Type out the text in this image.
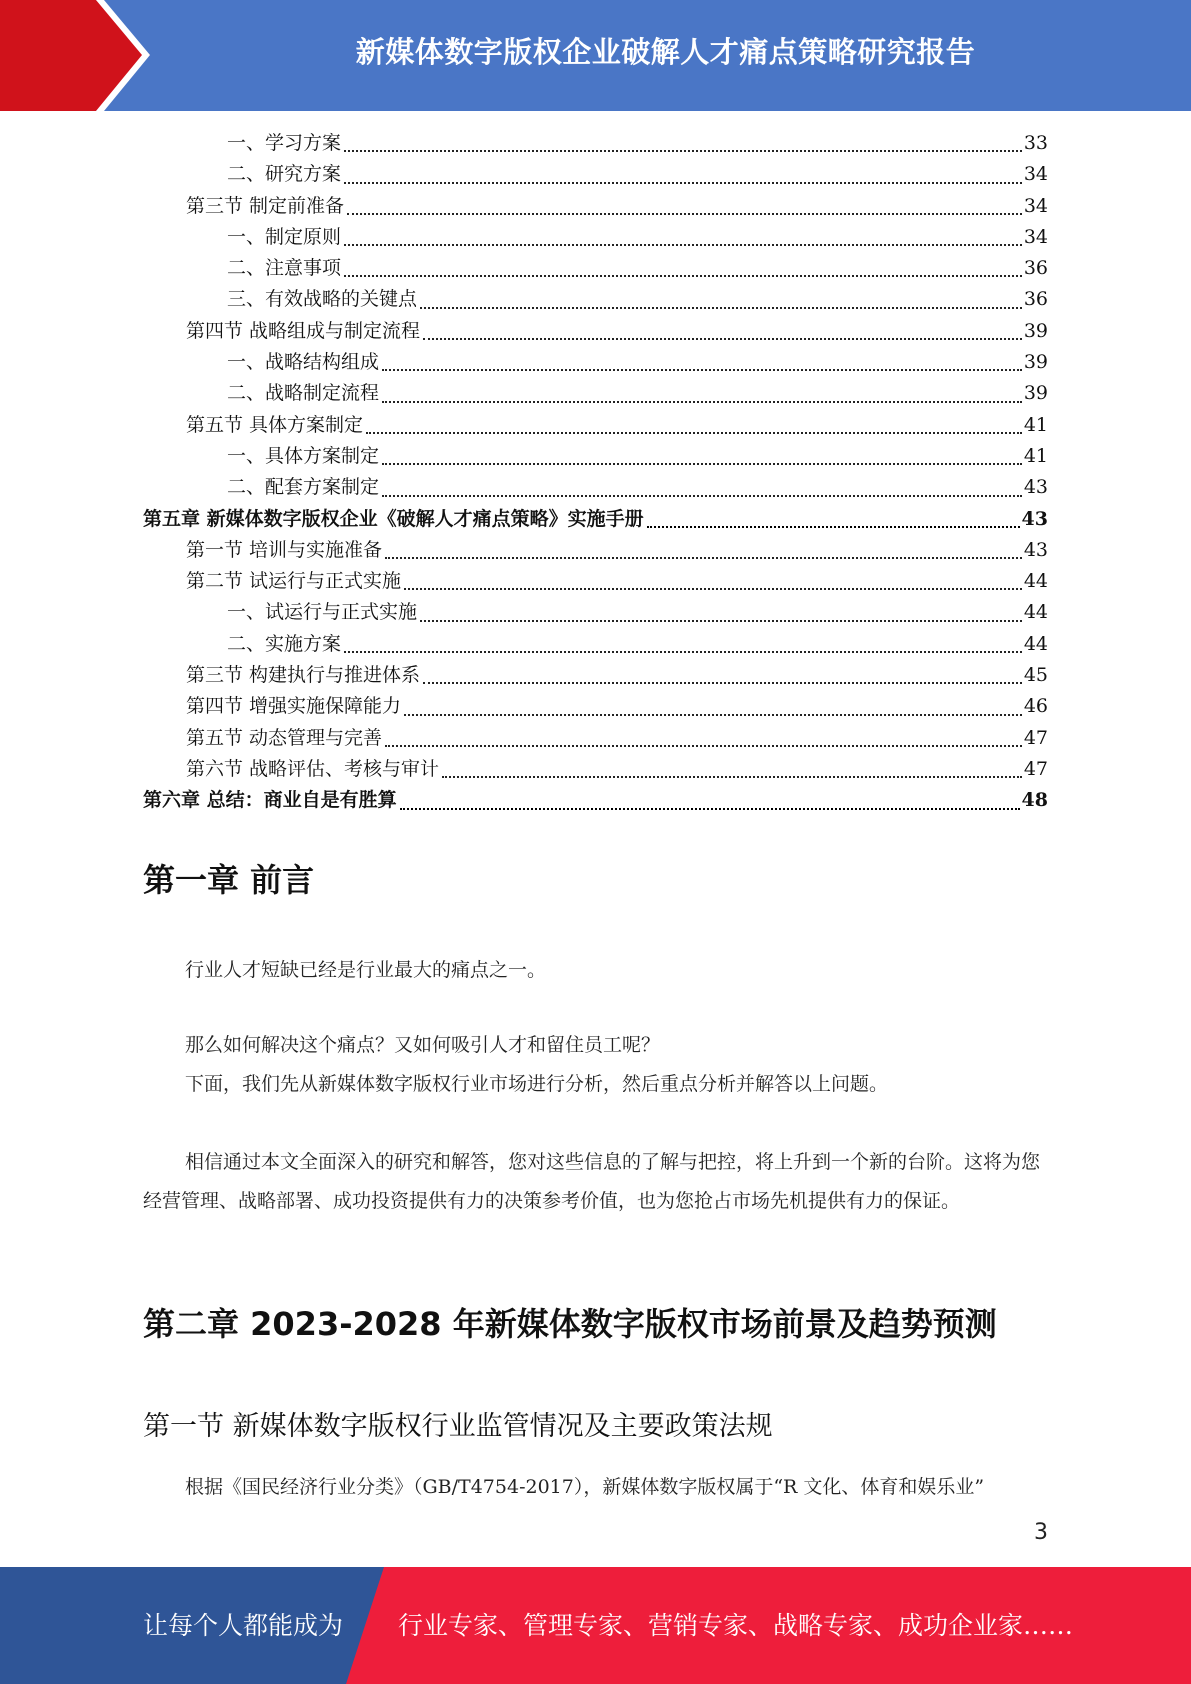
新媒体数字版权企业破解人才痛点策略研究报告
一、学习方案	33
二、研究方案	34
第三节 制定前准备	34
一、制定原则	34
二、注意事项	36
三、有效战略的关键点	36
第四节 战略组成与制定流程	39
一、战略结构组成	39
二、战略制定流程	39
第五节 具体方案制定	41
一、具体方案制定	41
二、配套方案制定	43
第五章 新媒体数字版权企业《破解人才痛点策略》实施手册	43
第一节 培训与实施准备	43
第二节 试运行与正式实施	44
一、试运行与正式实施	44
二、实施方案	44
第三节 构建执行与推进体系	45
第四节 增强实施保障能力	46
第五节 动态管理与完善	47
第六节 战略评估、考核与审计	47
第六章 总结：商业自是有胜算	48
第一章 前言

行业人才短缺已经是行业最大的痛点之一。

那么如何解决这个痛点？又如何吸引人才和留住员工呢？

下面，我们先从新媒体数字版权行业市场进行分析，然后重点分析并解答以上问题。

相信通过本文全面深入的研究和解答，您对这些信息的了解与把控，将上升到一个新的台阶。这将为您经营管理、战略部署、成功投资提供有力的决策参考价值，也为您抢占市场先机提供有力的保证。

第二章 2023-2028 年新媒体数字版权市场前景及趋势预测
第一节 新媒体数字版权行业监管情况及主要政策法规

根据《国民经济行业分类》（GB/T4754-2017），新媒体数字版权属于“R 文化、体育和娱乐业”

3
让每个人都能成为 行业专家、管理专家、营销专家、战略专家、成功企业家……
